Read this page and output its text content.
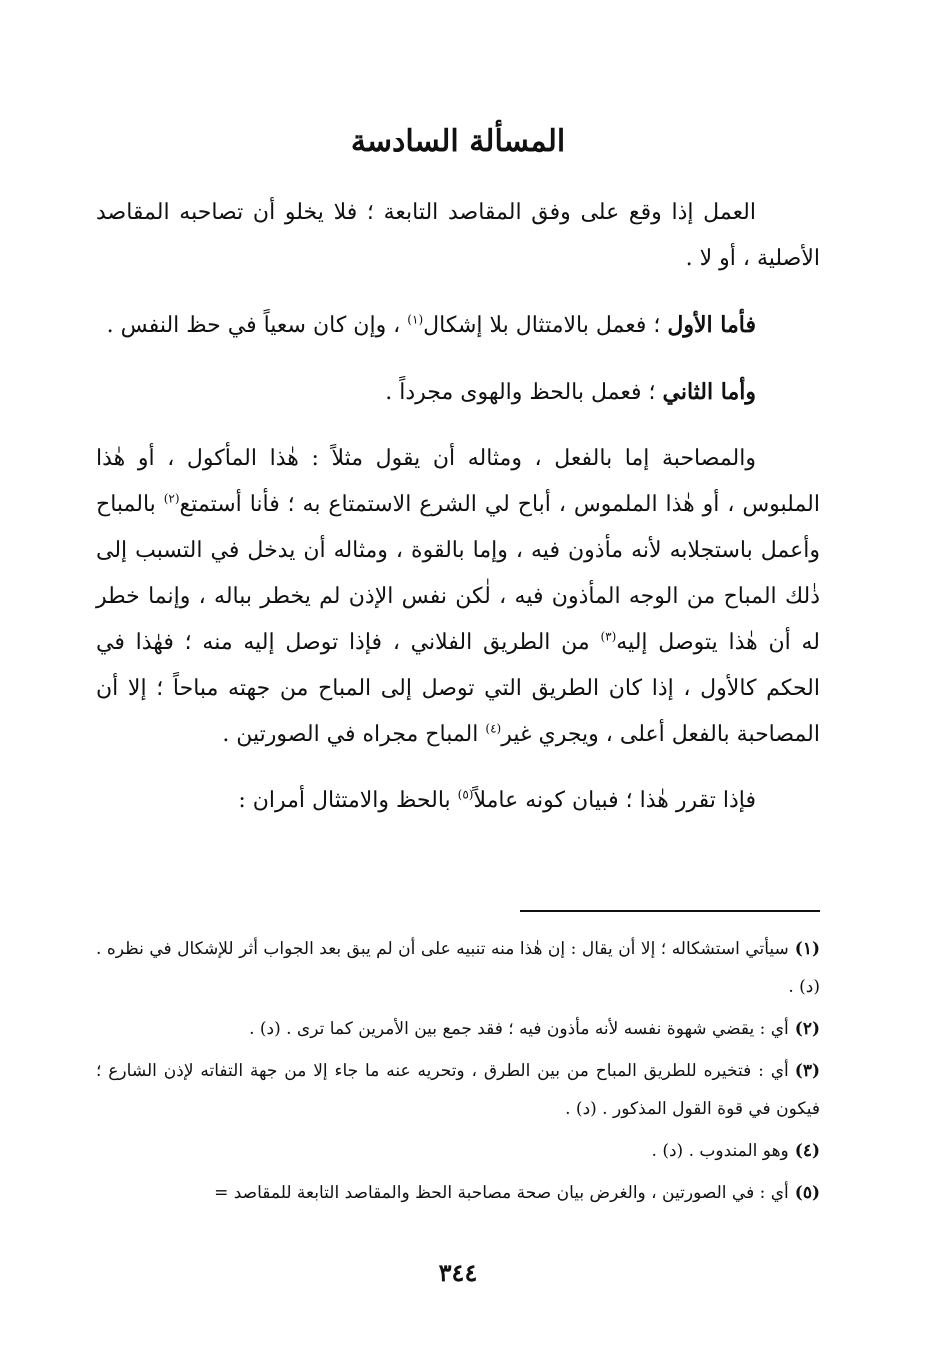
المسألة السادسة

العمل إذا وقع على وفق المقاصد التابعة ؛ فلا يخلو أن تصاحبه المقاصد الأصلية ، أو لا .

فأما الأول ؛ فعمل بالامتثال بلا إشكال$^{(١)}$ ، وإن كان سعياً في حظ النفس .

وأما الثاني ؛ فعمل بالحظ والهوى مجرداً .

والمصاحبة إما بالفعل ، ومثاله أن يقول مثلاً : هٰذا المأكول ، أو هٰذا الملبوس ، أو هٰذا الملموس ، أباح لي الشرع الاستمتاع به ؛ فأنا أستمتع$^{(٢)}$ بالمباح وأعمل باستجلابه لأنه مأذون فيه ، وإما بالقوة ، ومثاله أن يدخل في التسبب إلى ذٰلك المباح من الوجه المأذون فيه ، لٰكن نفس الإذن لم يخطر بباله ، وإنما خطر له أن هٰذا يتوصل إليه$^{(٣)}$ من الطريق الفلاني ، فإذا توصل إليه منه ؛ فهٰذا في الحكم كالأول ، إذا كان الطريق التي توصل إلى المباح من جهته مباحاً ؛ إلا أن المصاحبة بالفعل أعلى ، ويجري غير$^{(٤)}$ المباح مجراه في الصورتين .

فإذا تقرر هٰذا ؛ فبيان كونه عاملاً$^{(٥)}$ بالحظ والامتثال أمران :

(١)سيأتي استشكاله ؛ إلا أن يقال : إن هٰذا منه تنبيه على أن لم يبق بعد الجواب أثر للإشكال في نظره . (د) .

(٢)أي : يقضي شهوة نفسه لأنه مأذون فيه ؛ فقد جمع بين الأمرين كما ترى . (د) .

(٣)أي : فتخيره للطريق المباح من بين الطرق ، وتحريه عنه ما جاء إلا من جهة التفاته لإذن الشارع ؛ فيكون في قوة القول المذكور . (د) .

(٤)وهو المندوب . (د) .

(٥)أي : في الصورتين ، والغرض بيان صحة مصاحبة الحظ والمقاصد التابعة للمقاصد =

٣٤٤
